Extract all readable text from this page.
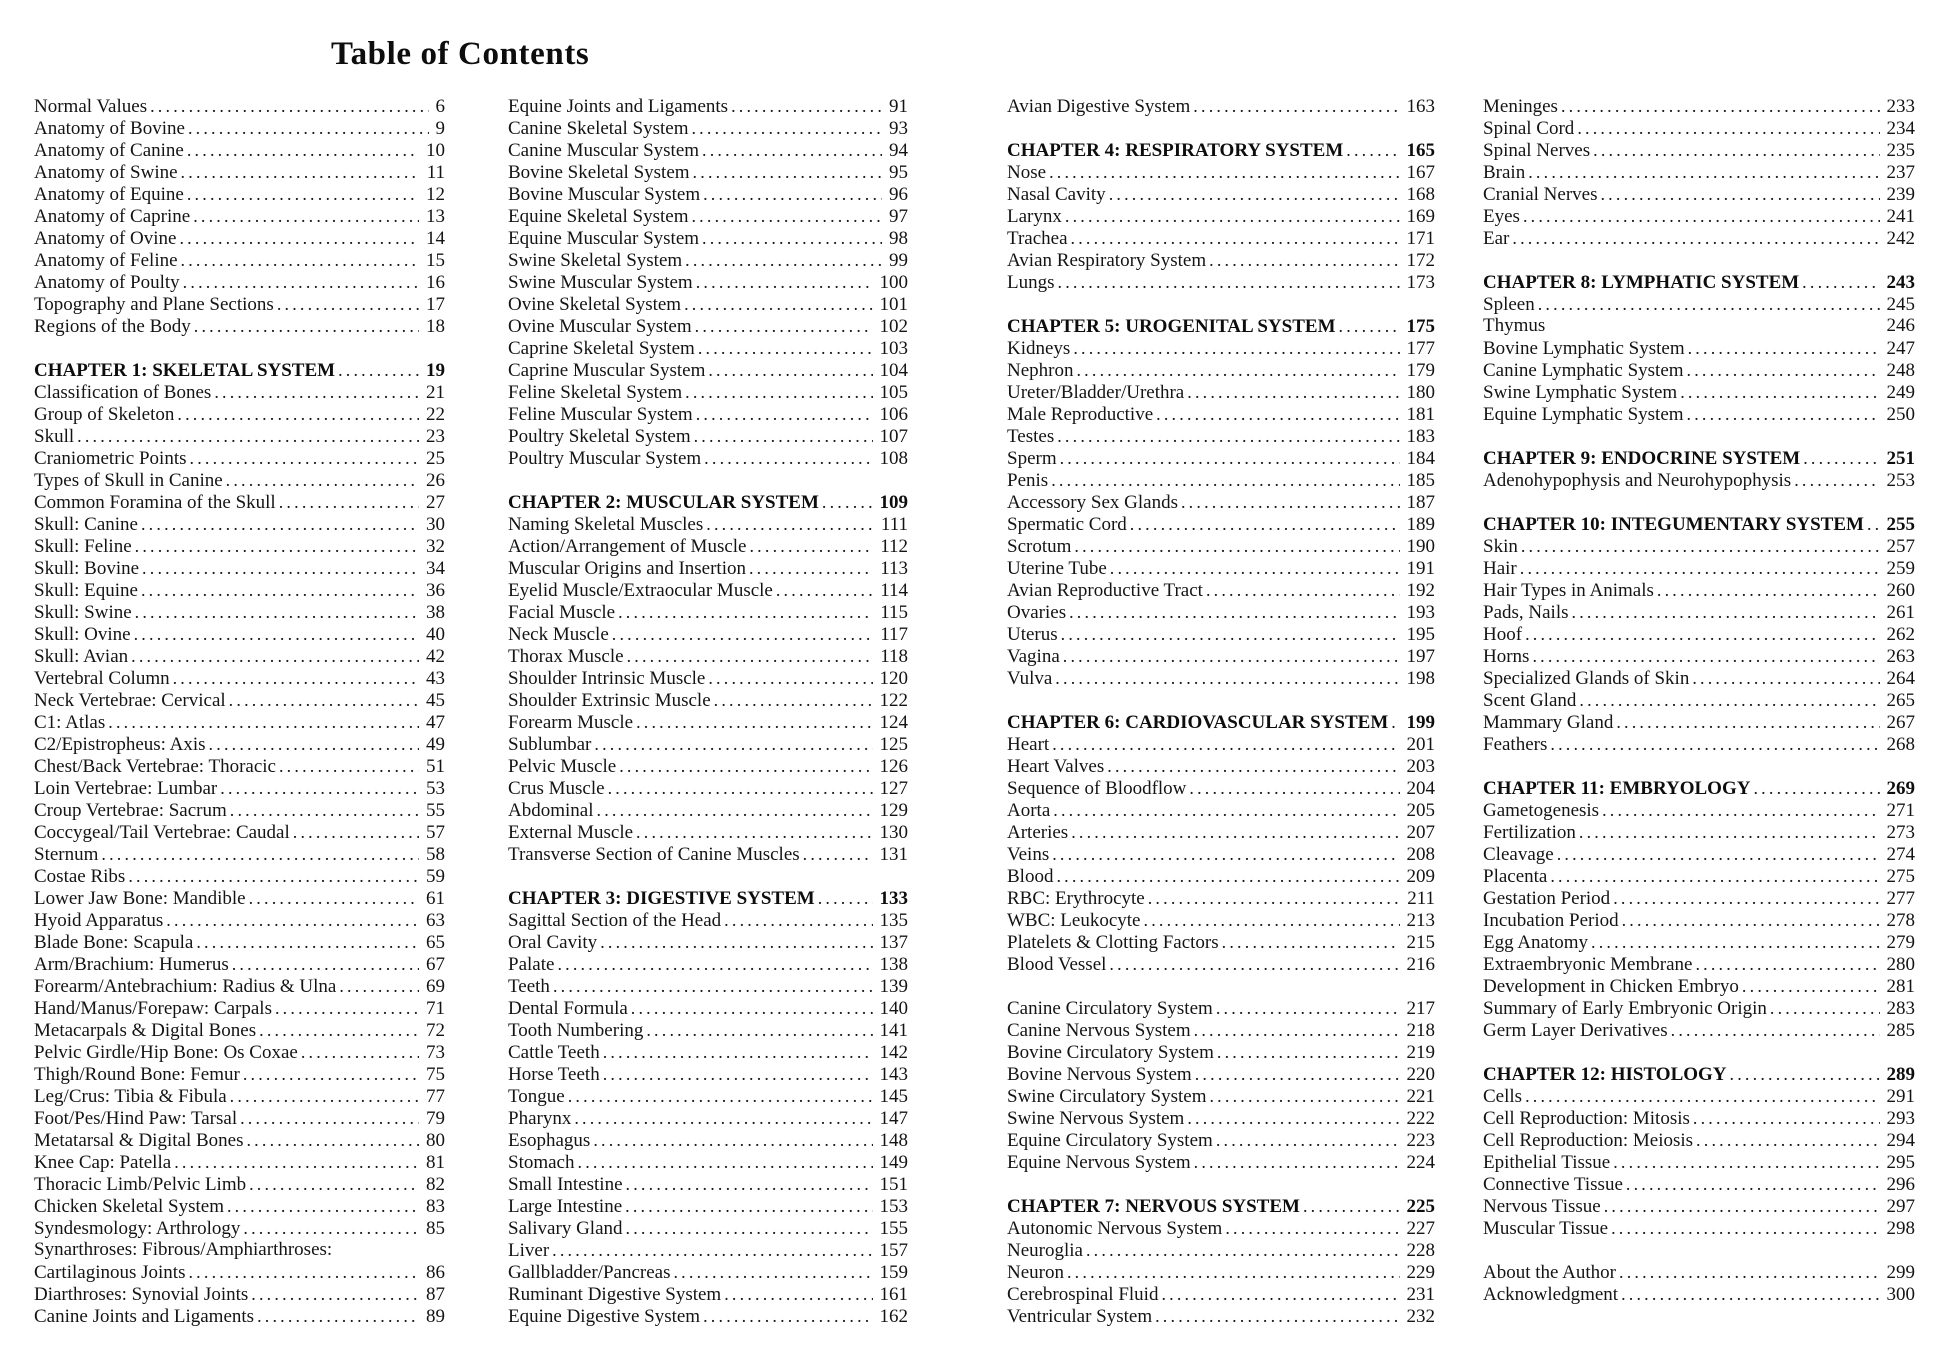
Table of Contents
Normal Values .....	6
Anatomy of Bovine .....	9
Anatomy of Canine .....	10
Anatomy of Swine .....	11
Anatomy of Equine .....	12
Anatomy of Caprine .....	13
Anatomy of Ovine .....	14
Anatomy of Feline .....	15
Anatomy of Poulty .....	16
Topography and Plane Sections .....	17
Regions of the Body .....	18
CHAPTER 1: SKELETAL SYSTEM .....	19
Classification of Bones .....	21
Group of Skeleton .....	22
Skull .....	23
Craniometric Points .....	25
Types of Skull in Canine .....	26
Common Foramina of the Skull .....	27
Skull: Canine .....	30
Skull: Feline .....	32
Skull: Bovine .....	34
Skull: Equine .....	36
Skull: Swine .....	38
Skull: Ovine .....	40
Skull: Avian .....	42
Vertebral Column .....	43
Neck Vertebrae: Cervical .....	45
C1: Atlas .....	47
C2/Epistropheus: Axis .....	49
Chest/Back Vertebrae: Thoracic .....	51
Loin Vertebrae: Lumbar .....	53
Croup Vertebrae: Sacrum .....	55
Coccygeal/Tail Vertebrae: Caudal .....	57
Sternum .....	58
Costae Ribs .....	59
Lower Jaw Bone: Mandible .....	61
Hyoid Apparatus .....	63
Blade Bone: Scapula .....	65
Arm/Brachium: Humerus .....	67
Forearm/Antebrachium: Radius & Ulna .....	69
Hand/Manus/Forepaw: Carpals .....	71
Metacarpals & Digital Bones .....	72
Pelvic Girdle/Hip Bone: Os Coxae .....	73
Thigh/Round Bone: Femur .....	75
Leg/Crus: Tibia & Fibula .....	77
Foot/Pes/Hind Paw: Tarsal .....	79
Metatarsal & Digital Bones .....	80
Knee Cap: Patella .....	81
Thoracic Limb/Pelvic Limb .....	82
Chicken Skeletal System .....	83
Syndesmology: Arthrology .....	85
Synarthroses: Fibrous/Amphiarthroses:
Cartilaginous Joints .....	86
Diarthroses: Synovial Joints .....	87
Canine Joints and Ligaments .....	89
Equine Joints and Ligaments .....	91
Canine Skeletal System .....	93
Canine Muscular System .....	94
Bovine Skeletal System .....	95
Bovine Muscular System .....	96
Equine Skeletal System .....	97
Equine Muscular System .....	98
Swine Skeletal System .....	99
Swine Muscular System .....	100
Ovine Skeletal System .....	101
Ovine Muscular System .....	102
Caprine Skeletal System .....	103
Caprine Muscular System .....	104
Feline Skeletal System .....	105
Feline Muscular System .....	106
Poultry Skeletal System .....	107
Poultry Muscular System .....	108
CHAPTER 2: MUSCULAR SYSTEM .....	109
Naming Skeletal Muscles .....	111
Action/Arrangement of Muscle .....	112
Muscular Origins and Insertion .....	113
Eyelid Muscle/Extraocular Muscle .....	114
Facial Muscle .....	115
Neck Muscle .....	117
Thorax Muscle .....	118
Shoulder Intrinsic Muscle .....	120
Shoulder Extrinsic Muscle .....	122
Forearm Muscle .....	124
Sublumbar .....	125
Pelvic Muscle .....	126
Crus Muscle .....	127
Abdominal .....	129
External Muscle .....	130
Transverse Section of Canine Muscles .....	131
CHAPTER 3: DIGESTIVE SYSTEM .....	133
Sagittal Section of the Head .....	135
Oral Cavity .....	137
Palate .....	138
Teeth .....	139
Dental Formula .....	140
Tooth Numbering .....	141
Cattle Teeth .....	142
Horse Teeth .....	143
Tongue .....	145
Pharynx .....	147
Esophagus .....	148
Stomach .....	149
Small Intestine .....	151
Large Intestine .....	153
Salivary Gland .....	155
Liver .....	157
Gallbladder/Pancreas .....	159
Ruminant Digestive System .....	161
Equine Digestive System .....	162
Avian Digestive System .....	163
CHAPTER 4: RESPIRATORY SYSTEM .....	165
Nose .....	167
Nasal Cavity .....	168
Larynx .....	169
Trachea .....	171
Avian Respiratory System .....	172
Lungs .....	173
CHAPTER 5: UROGENITAL SYSTEM .....	175
Kidneys .....	177
Nephron .....	179
Ureter/Bladder/Urethra .....	180
Male Reproductive .....	181
Testes .....	183
Sperm .....	184
Penis .....	185
Accessory Sex Glands .....	187
Spermatic Cord .....	189
Scrotum .....	190
Uterine Tube .....	191
Avian Reproductive Tract .....	192
Ovaries .....	193
Uterus .....	195
Vagina .....	197
Vulva .....	198
CHAPTER 6: CARDIOVASCULAR SYSTEM ..... 199
Heart .....	201
Heart Valves .....	203
Sequence of Bloodflow .....	204
Aorta .....	205
Arteries .....	207
Veins .....	208
Blood .....	209
RBC: Erythrocyte .....	211
WBC: Leukocyte .....	213
Platelets & Clotting Factors .....	215
Blood Vessel .....	216
Canine Circulatory System .....	217
Canine Nervous System .....	218
Bovine Circulatory System .....	219
Bovine Nervous System .....	220
Swine Circulatory System .....	221
Swine Nervous System .....	222
Equine Circulatory System .....	223
Equine Nervous System .....	224
CHAPTER 7: NERVOUS SYSTEM .....	225
Autonomic Nervous System .....	227
Neuroglia .....	228
Neuron .....	229
Cerebrospinal Fluid .....	231
Ventricular System .....	232
Meninges .....	233
Spinal Cord .....	234
Spinal Nerves .....	235
Brain .....	237
Cranial Nerves .....	239
Eyes .....	241
Ear .....	242
CHAPTER 8: LYMPHATIC SYSTEM .....	243
Spleen .....	245
Thymus	246
Bovine Lymphatic System .....	247
Canine Lymphatic System .....	248
Swine Lymphatic System .....	249
Equine Lymphatic System .....	250
CHAPTER 9: ENDOCRINE SYSTEM .....	251
Adenohypophysis and Neurohypophysis .....	253
CHAPTER 10: INTEGUMENTARY SYSTEM .....	255
Skin .....	257
Hair .....	259
Hair Types in Animals .....	260
Pads, Nails .....	261
Hoof .....	262
Horns .....	263
Specialized Glands of Skin .....	264
Scent Gland .....	265
Mammary Gland .....	267
Feathers .....	268
CHAPTER 11: EMBRYOLOGY .....	269
Gametogenesis .....	271
Fertilization .....	273
Cleavage .....	274
Placenta .....	275
Gestation Period .....	277
Incubation Period .....	278
Egg Anatomy .....	279
Extraembryonic Membrane .....	280
Development in Chicken Embryo .....	281
Summary of Early Embryonic Origin .....	283
Germ Layer Derivatives .....	285
CHAPTER 12: HISTOLOGY .....	289
Cells .....	291
Cell Reproduction: Mitosis .....	293
Cell Reproduction: Meiosis .....	294
Epithelial Tissue .....	295
Connective Tissue .....	296
Nervous Tissue .....	297
Muscular Tissue .....	298
About the Author .....	299
Acknowledgment .....	300
